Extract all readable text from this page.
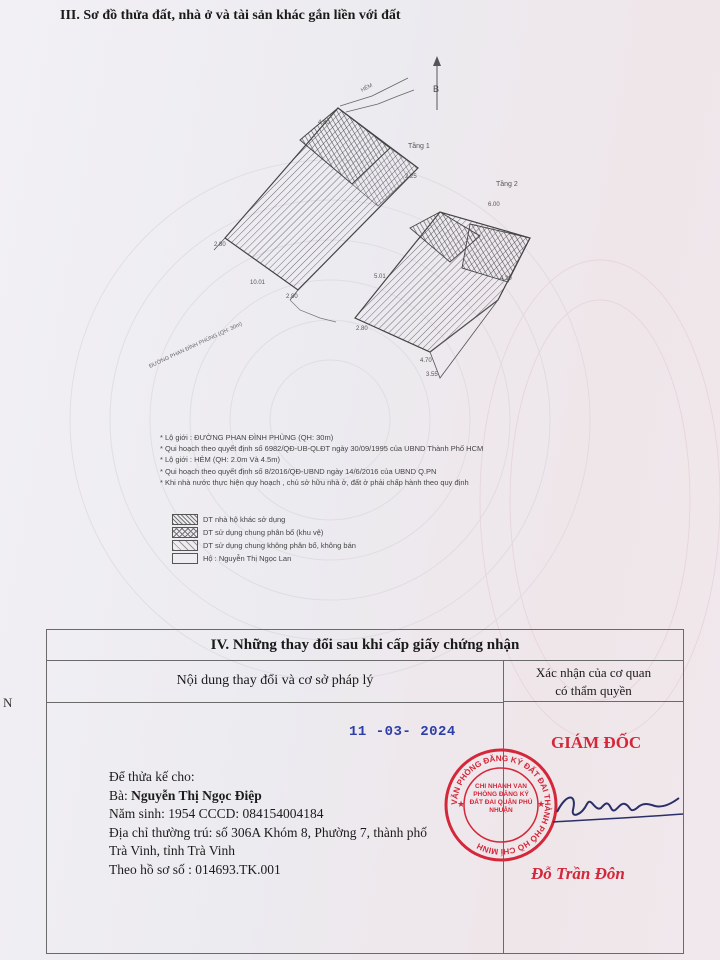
III. Sơ đồ thửa đất, nhà ở và tài sản khác gắn liền với đất
B
Tầng 1
Tầng 2
2.80
10.01
2.80
4.80
2.25
6.00
2.80
4.70
3.55
5.01	4.20
ĐƯỜNG PHAN ĐÌNH PHÙNG (QH: 30m)
HẺM
* Lộ giới : ĐƯỜNG PHAN ĐÌNH PHÙNG (QH: 30m)
* Qui hoạch theo quyết định số 6982/QĐ-UB-QLĐT ngày 30/09/1995 của UBND Thành Phố HCM
* Lộ giới : HẺM (QH: 2.0m Và 4.5m)
* Qui hoạch theo quyết định số 8/2016/QĐ-UBND ngày 14/6/2016 của UBND Q.PN
* Khi nhà nước thực hiện quy hoạch , chủ sở hữu nhà ở, đất ở phải chấp hành theo quy định
DT nhà hộ khác sở dụng
DT sử dụng chung phân bổ (khu vệ)
DT sử dụng chung không phân bổ, không bán
Hộ : Nguyễn Thị Ngọc Lan
N
IV. Những thay đổi sau khi cấp giấy chứng nhận
Nội dung thay đổi và cơ sở pháp lý
Xác nhận của cơ quan
có thẩm quyền
11 -03- 2024
Để thửa kế cho:
Bà: Nguyễn Thị Ngọc Điệp
Năm sinh: 1954 CCCD: 084154004184
Địa chỉ thường trú: số 306A Khóm 8, Phường 7, thành phố
Trà Vinh, tỉnh Trà Vinh
Theo hồ sơ số : 014693.TK.001
GIÁM ĐỐC
VĂN PHÒNG ĐĂNG KÝ ĐẤT ĐAI THÀNH PHỐ HỒ CHÍ MINH
CHI NHÁNH VĂN PHÒNG ĐĂNG KÝ ĐẤT ĐAI QUẬN PHÚ NHUẬN
★	★
Đỗ Trần Đôn
